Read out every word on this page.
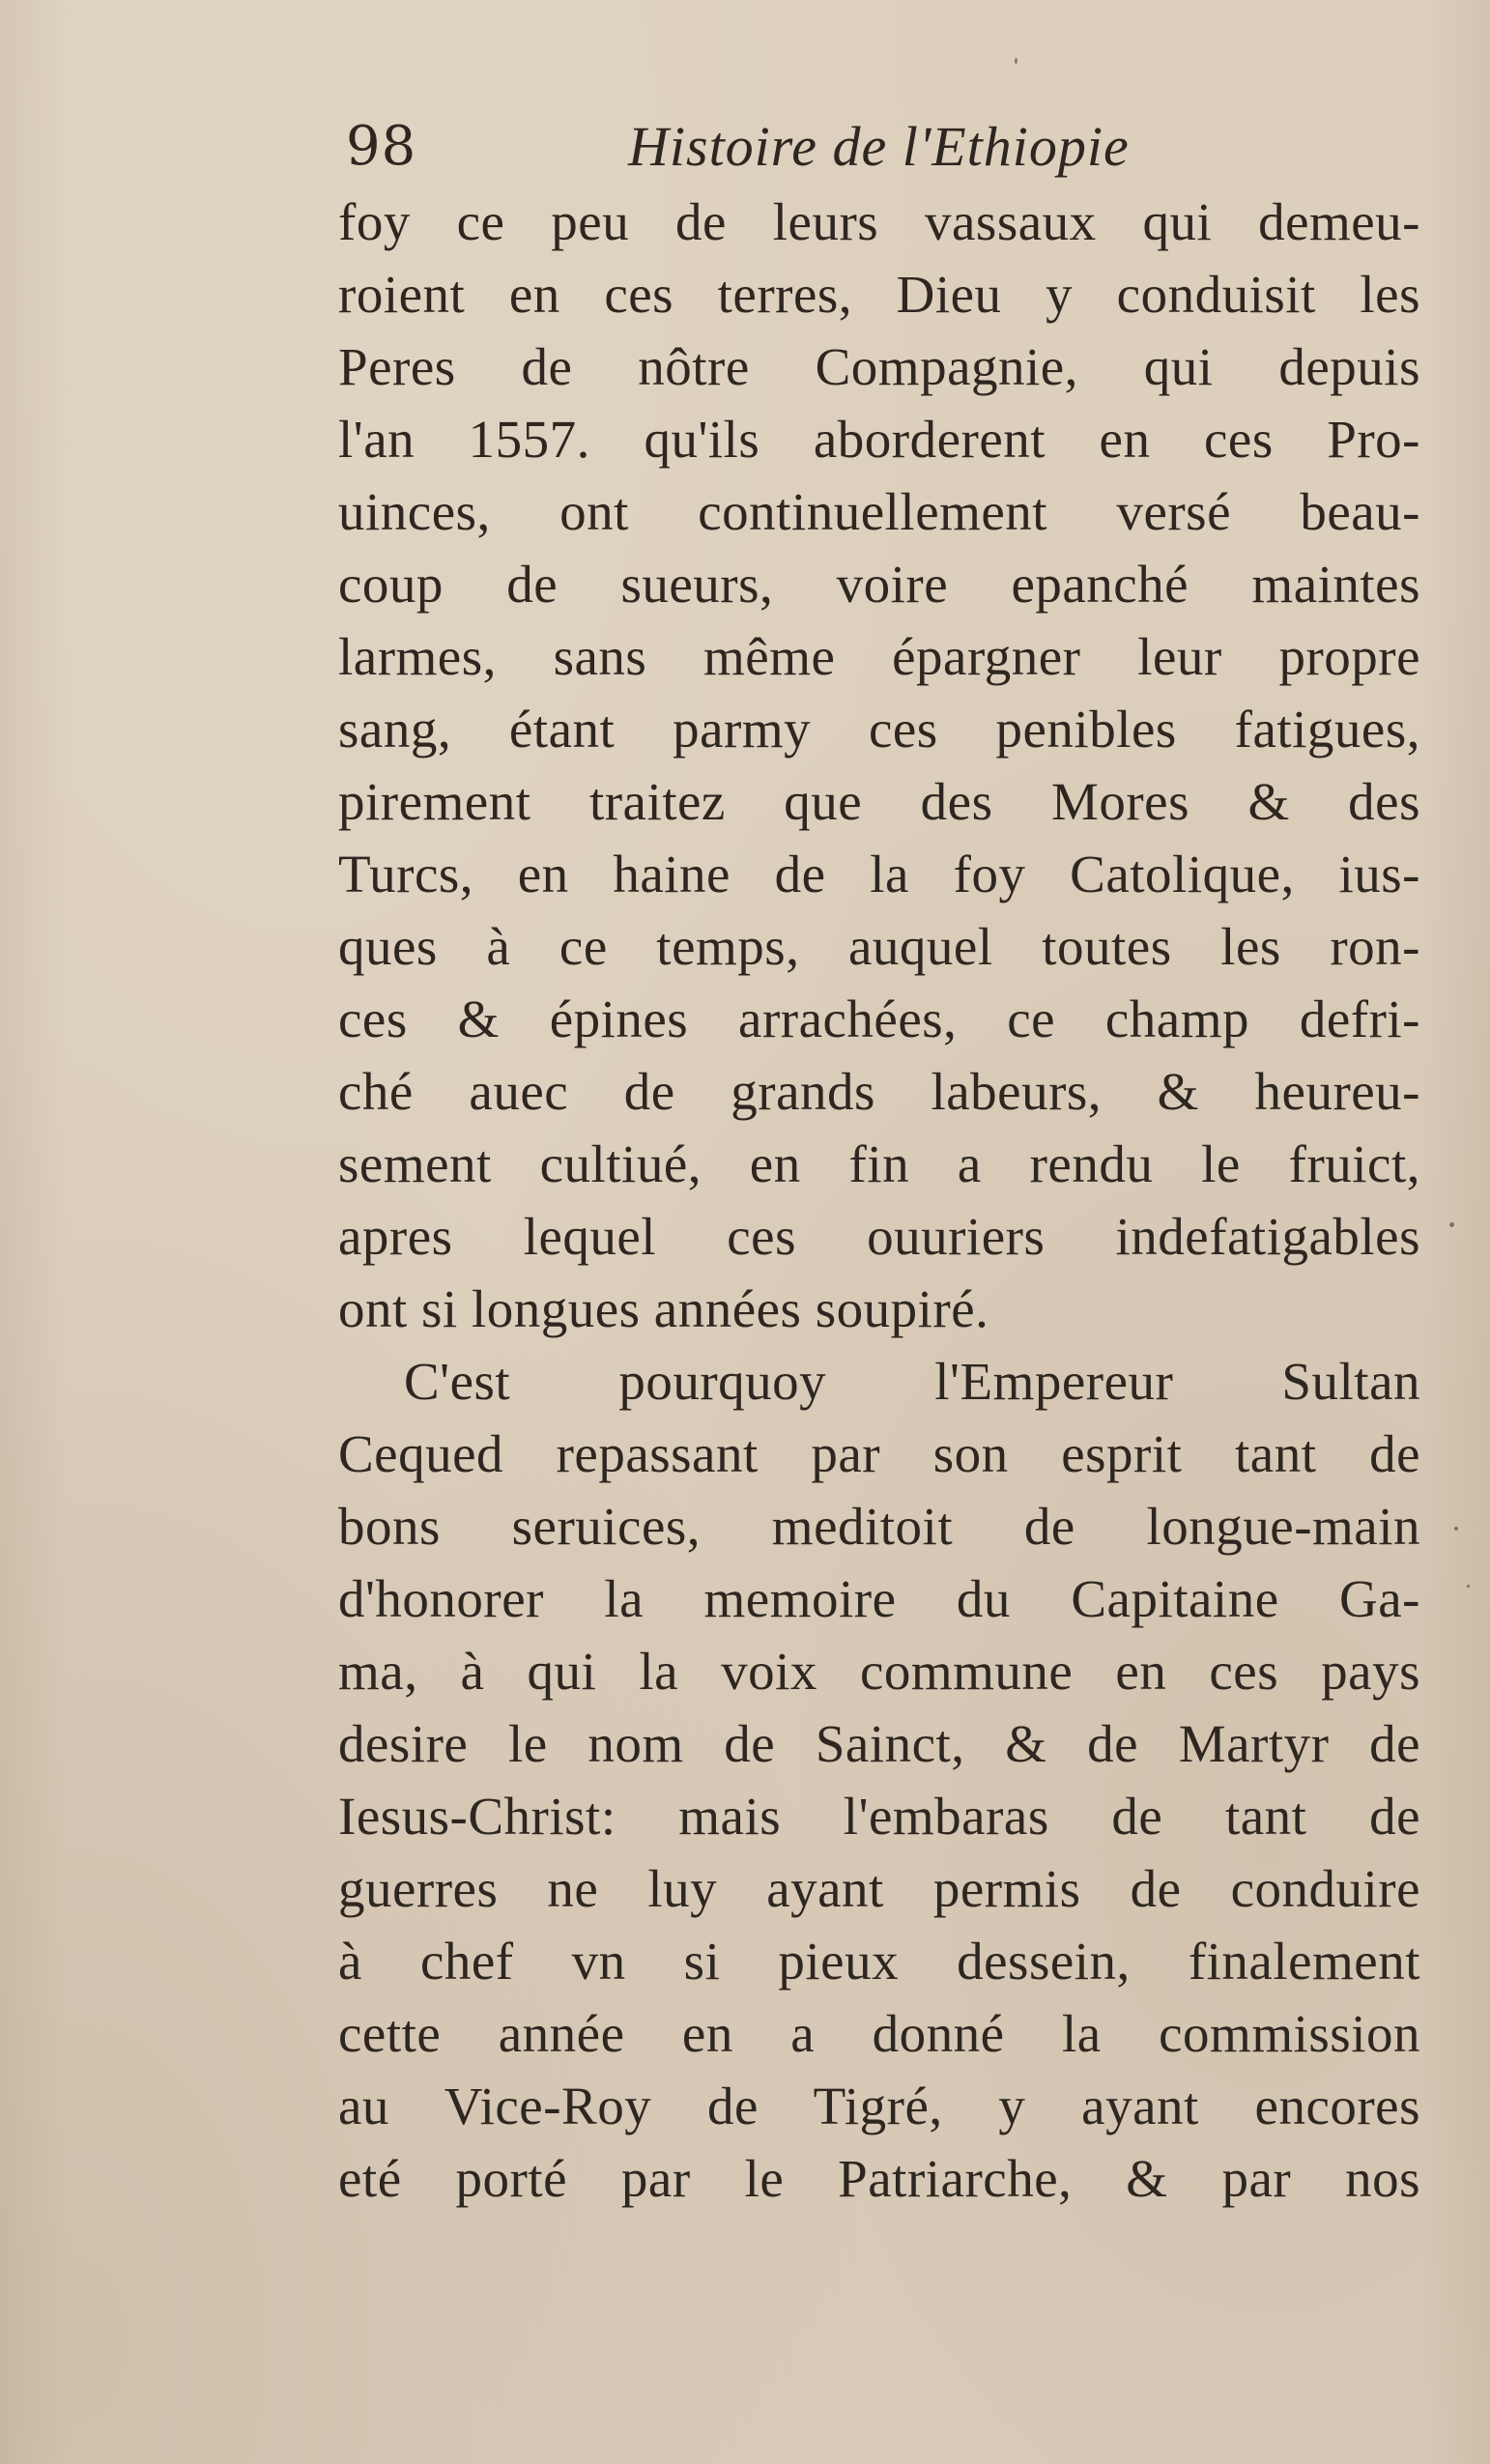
98	Histoire de l'Ethiopie
foy ce peu de leurs vassaux qui demeu-
roient en ces terres, Dieu y conduisit les
Peres de nôtre Compagnie, qui depuis
l'an 1557. qu'ils aborderent en ces Pro-
uinces, ont continuellement versé beau-
coup de sueurs, voire epanché maintes
larmes, sans même épargner leur propre
sang, étant parmy ces penibles fatigues,
pirement traitez que des Mores & des
Turcs, en haine de la foy Catolique, ius-
ques à ce temps, auquel toutes les ron-
ces & épines arrachées, ce champ defri-
ché auec de grands labeurs, & heureu-
sement cultiué, en fin a rendu le fruict,
apres lequel ces ouuriers indefatigables
ont si longues années soupiré.
C'est pourquoy l'Empereur Sultan
Cequed repassant par son esprit tant de
bons seruices, meditoit de longue-main
d'honorer la memoire du Capitaine Ga-
ma, à qui la voix commune en ces pays
desire le nom de Sainct, & de Martyr de
Iesus-Christ: mais l'embaras de tant de
guerres ne luy ayant permis de conduire
à chef vn si pieux dessein, finalement
cette année en a donné la commission
au Vice-Roy de Tigré, y ayant encores
eté porté par le Patriarche, & par nos
